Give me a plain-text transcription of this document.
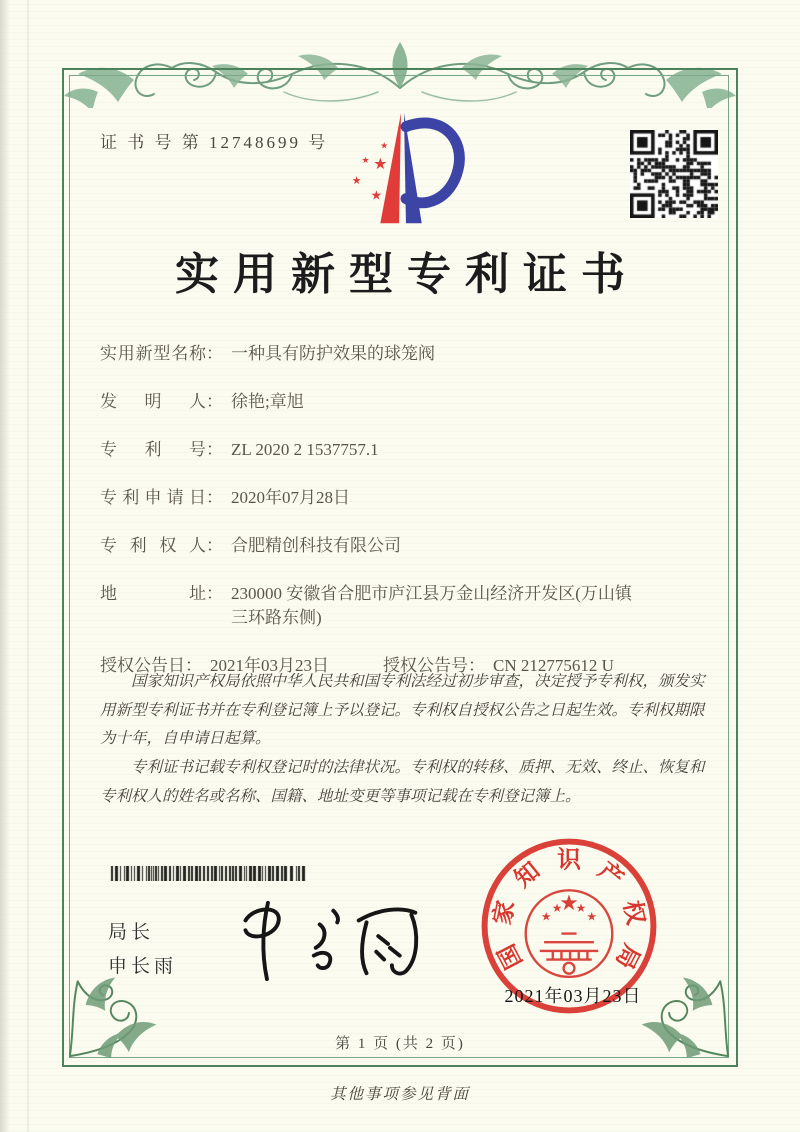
证 书 号 第 12748699 号	★
★ ★
★
★
实用新型专利证书
实用新型名称 ： 一种具有防护效果的球笼阀
发明人 ： 徐艳;章旭
专利号 ： ZL 2020 2 1537757.1
专利申请日 ： 2020年07月28日
专利权人 ： 合肥精创科技有限公司
地址 ： 230000 安徽省合肥市庐江县万金山经济开发区(万山镇三环路东侧)
授权公告日 ： 2021年03月23日	授权公告号 ： CN 212775612 U

国家知识产权局依照中华人民共和国专利法经过初步审查，决定授予专利权，颁发实用新型专利证书并在专利登记簿上予以登记。专利权自授权公告之日起生效。专利权期限为十年，自申请日起算。

专利证书记载专利权登记时的法律状况。专利权的转移、质押、无效、终止、恢复和专利权人的姓名或名称、国籍、地址变更等事项记载在专利登记簿上。

局长
申长雨
★
★
★ ★
★
国
家
知 识 产
权
局
2021年03月23日
第 1 页 (共 2 页)
其他事项参见背面
